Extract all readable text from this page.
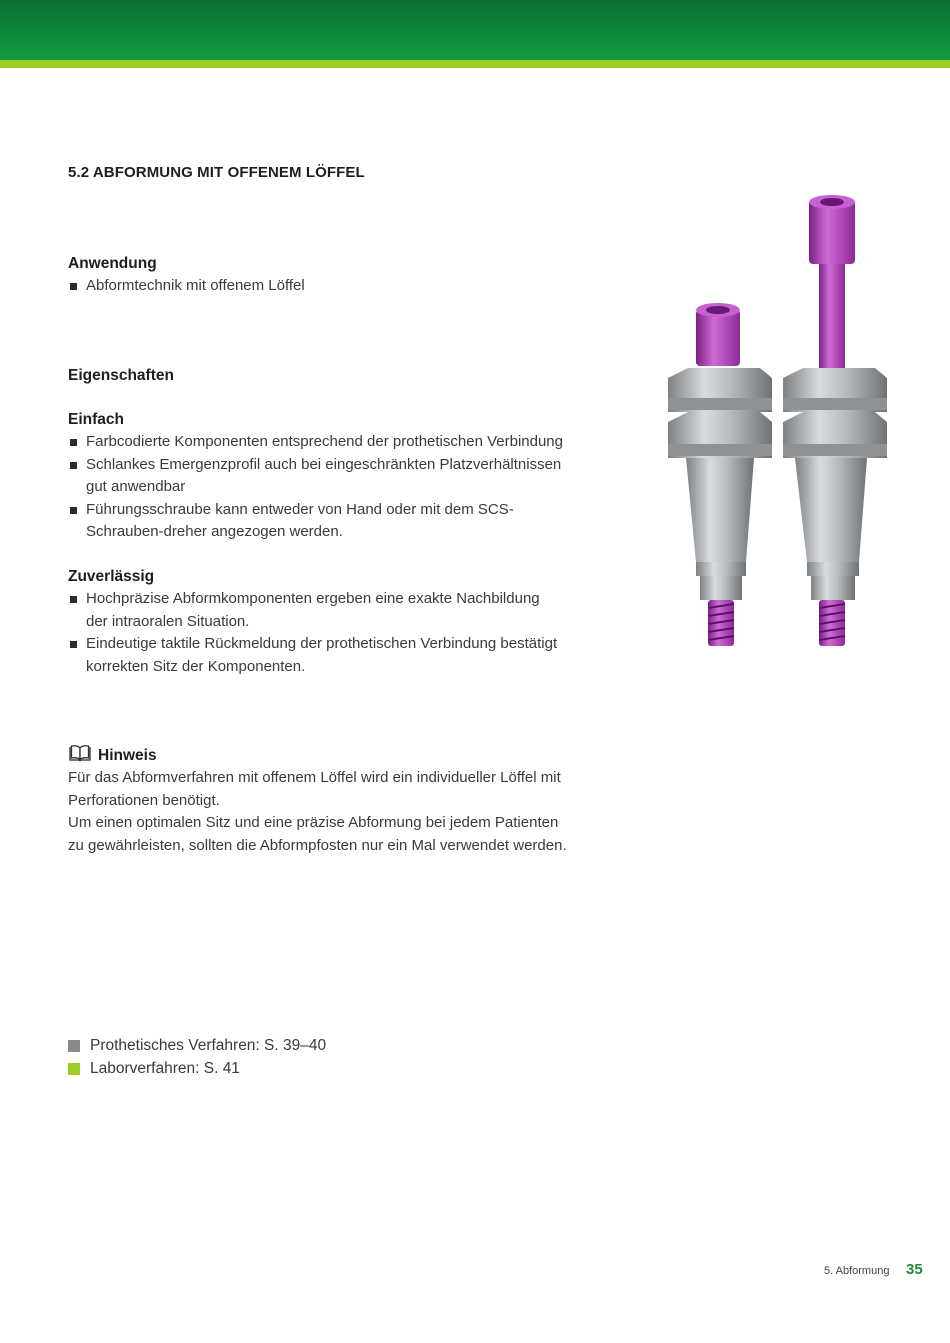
5.2 ABFORMUNG MIT OFFENEM LÖFFEL
Anwendung
Abformtechnik mit offenem Löffel
Eigenschaften
Einfach
Farbcodierte Komponenten entsprechend der prothetischen Verbindung
Schlankes Emergenzprofil auch bei eingeschränkten Platzverhältnissen gut anwendbar
Führungsschraube kann entweder von Hand oder mit dem SCS-Schrauben-dreher angezogen werden.
Zuverlässig
Hochpräzise Abformkomponenten ergeben eine exakte Nachbildung der intraoralen Situation.
Eindeutige taktile Rückmeldung der prothetischen Verbindung bestätigt korrekten Sitz der Komponenten.
Hinweis
Für das Abformverfahren mit offenem Löffel wird ein individueller Löffel mit Perforationen benötigt.
Um einen optimalen Sitz und eine präzise Abformung bei jedem Patienten zu gewährleisten, sollten die Abformpfosten nur ein Mal verwendet werden.
Prothetisches Verfahren: S. 39–40
Laborverfahren: S. 41
5. Abformung 35
